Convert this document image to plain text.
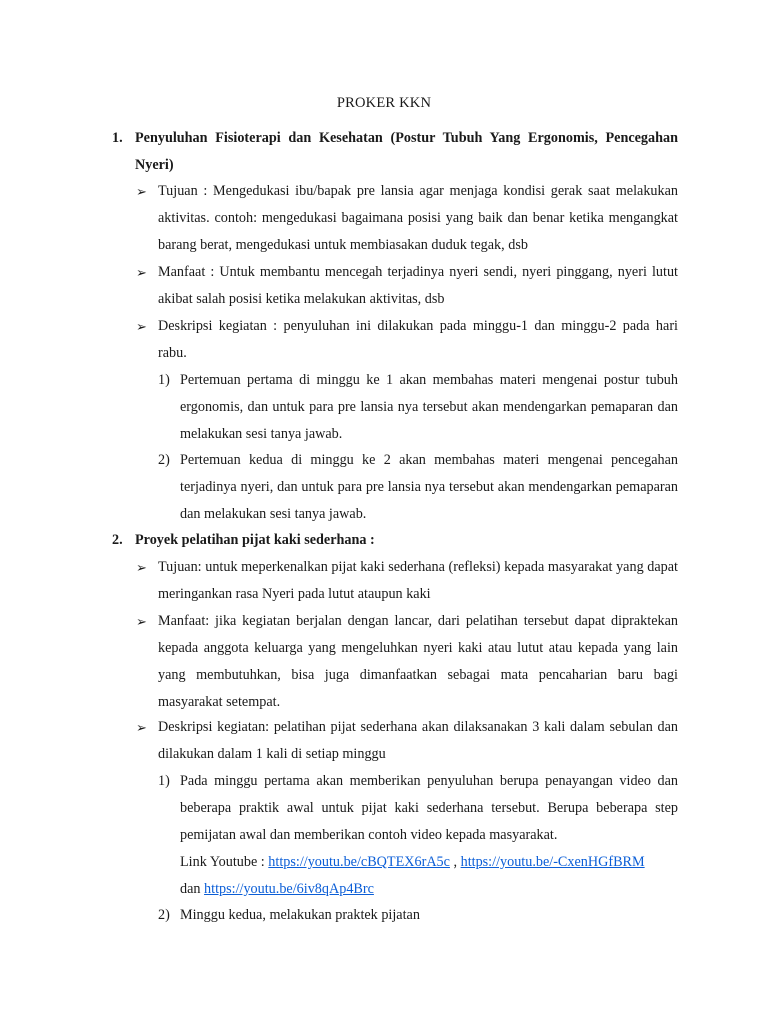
PROKER KKN
1. Penyuluhan Fisioterapi dan Kesehatan (Postur Tubuh Yang Ergonomis, Pencegahan Nyeri)
➢ Tujuan : Mengedukasi ibu/bapak pre lansia agar menjaga kondisi gerak saat melakukan aktivitas. contoh: mengedukasi bagaimana posisi yang baik dan benar ketika mengangkat barang berat, mengedukasi untuk membiasakan duduk tegak, dsb
➢ Manfaat : Untuk membantu mencegah terjadinya nyeri sendi, nyeri pinggang, nyeri lutut akibat salah posisi ketika melakukan aktivitas, dsb
➢ Deskripsi kegiatan : penyuluhan ini dilakukan pada minggu-1 dan minggu-2 pada hari rabu.
1) Pertemuan pertama di minggu ke 1 akan membahas materi mengenai postur tubuh ergonomis, dan untuk para pre lansia nya tersebut akan mendengarkan pemaparan dan melakukan sesi tanya jawab.
2) Pertemuan kedua di minggu ke 2 akan membahas materi mengenai pencegahan terjadinya nyeri, dan untuk para pre lansia nya tersebut akan mendengarkan pemaparan dan melakukan sesi tanya jawab.
2. Proyek pelatihan pijat kaki sederhana :
➢ Tujuan: untuk meperkenalkan pijat kaki sederhana (refleksi) kepada masyarakat yang dapat meringankan rasa Nyeri pada lutut ataupun kaki
➢ Manfaat: jika kegiatan berjalan dengan lancar, dari pelatihan tersebut dapat dipraktekan kepada anggota keluarga yang mengeluhkan nyeri kaki atau lutut atau kepada yang lain yang membutuhkan, bisa juga dimanfaatkan sebagai mata pencaharian baru bagi masyarakat setempat.
➢ Deskripsi kegiatan: pelatihan pijat sederhana akan dilaksanakan 3 kali dalam sebulan dan dilakukan dalam 1 kali di setiap minggu
1) Pada minggu pertama akan memberikan penyuluhan berupa penayangan video dan beberapa praktik awal untuk pijat kaki sederhana tersebut. Berupa beberapa step pemijatan awal dan memberikan contoh video kepada masyarakat.
Link Youtube : https://youtu.be/cBQTEX6rA5c , https://youtu.be/-CxenHGfBRM
dan https://youtu.be/6iv8qAp4Brc
2) Minggu kedua, melakukan praktek pijatan
